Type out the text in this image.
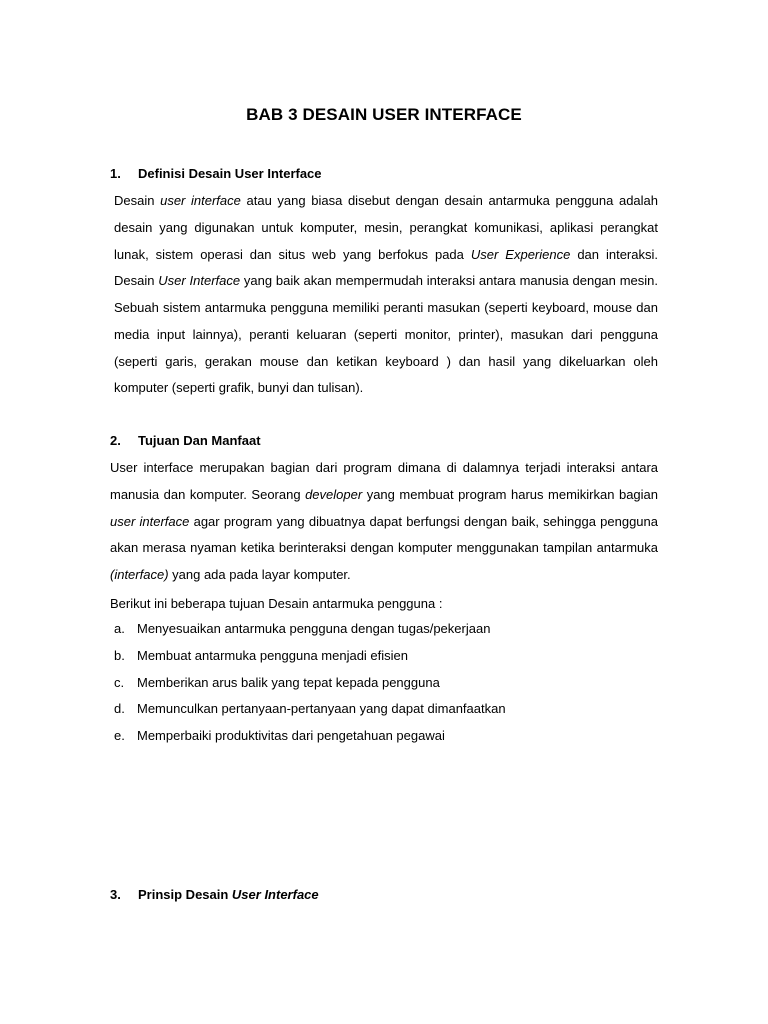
BAB 3 DESAIN USER INTERFACE
1. Definisi Desain User Interface
Desain user interface atau yang biasa disebut dengan desain antarmuka pengguna adalah desain yang digunakan untuk komputer, mesin, perangkat komunikasi, aplikasi perangkat lunak, sistem operasi dan situs web yang berfokus pada User Experience dan interaksi. Desain User Interface yang baik akan mempermudah interaksi antara manusia dengan mesin. Sebuah sistem antarmuka pengguna memiliki peranti masukan (seperti keyboard, mouse dan media input lainnya), peranti keluaran (seperti monitor, printer), masukan dari pengguna (seperti garis, gerakan mouse dan ketikan keyboard ) dan hasil yang dikeluarkan oleh komputer (seperti grafik, bunyi dan tulisan).
2. Tujuan Dan Manfaat
User interface merupakan bagian dari program dimana di dalamnya terjadi interaksi antara manusia dan komputer. Seorang developer yang membuat program harus memikirkan bagian user interface agar program yang dibuatnya dapat berfungsi dengan baik, sehingga pengguna akan merasa nyaman ketika berinteraksi dengan komputer menggunakan tampilan antarmuka (interface) yang ada pada layar komputer.
Berikut ini beberapa tujuan Desain antarmuka pengguna :
a. Menyesuaikan antarmuka pengguna dengan tugas/pekerjaan
b. Membuat antarmuka pengguna menjadi efisien
c. Memberikan arus balik yang tepat kepada pengguna
d. Memunculkan pertanyaan-pertanyaan yang dapat dimanfaatkan
e. Memperbaiki produktivitas dari pengetahuan pegawai
3. Prinsip Desain User Interface
